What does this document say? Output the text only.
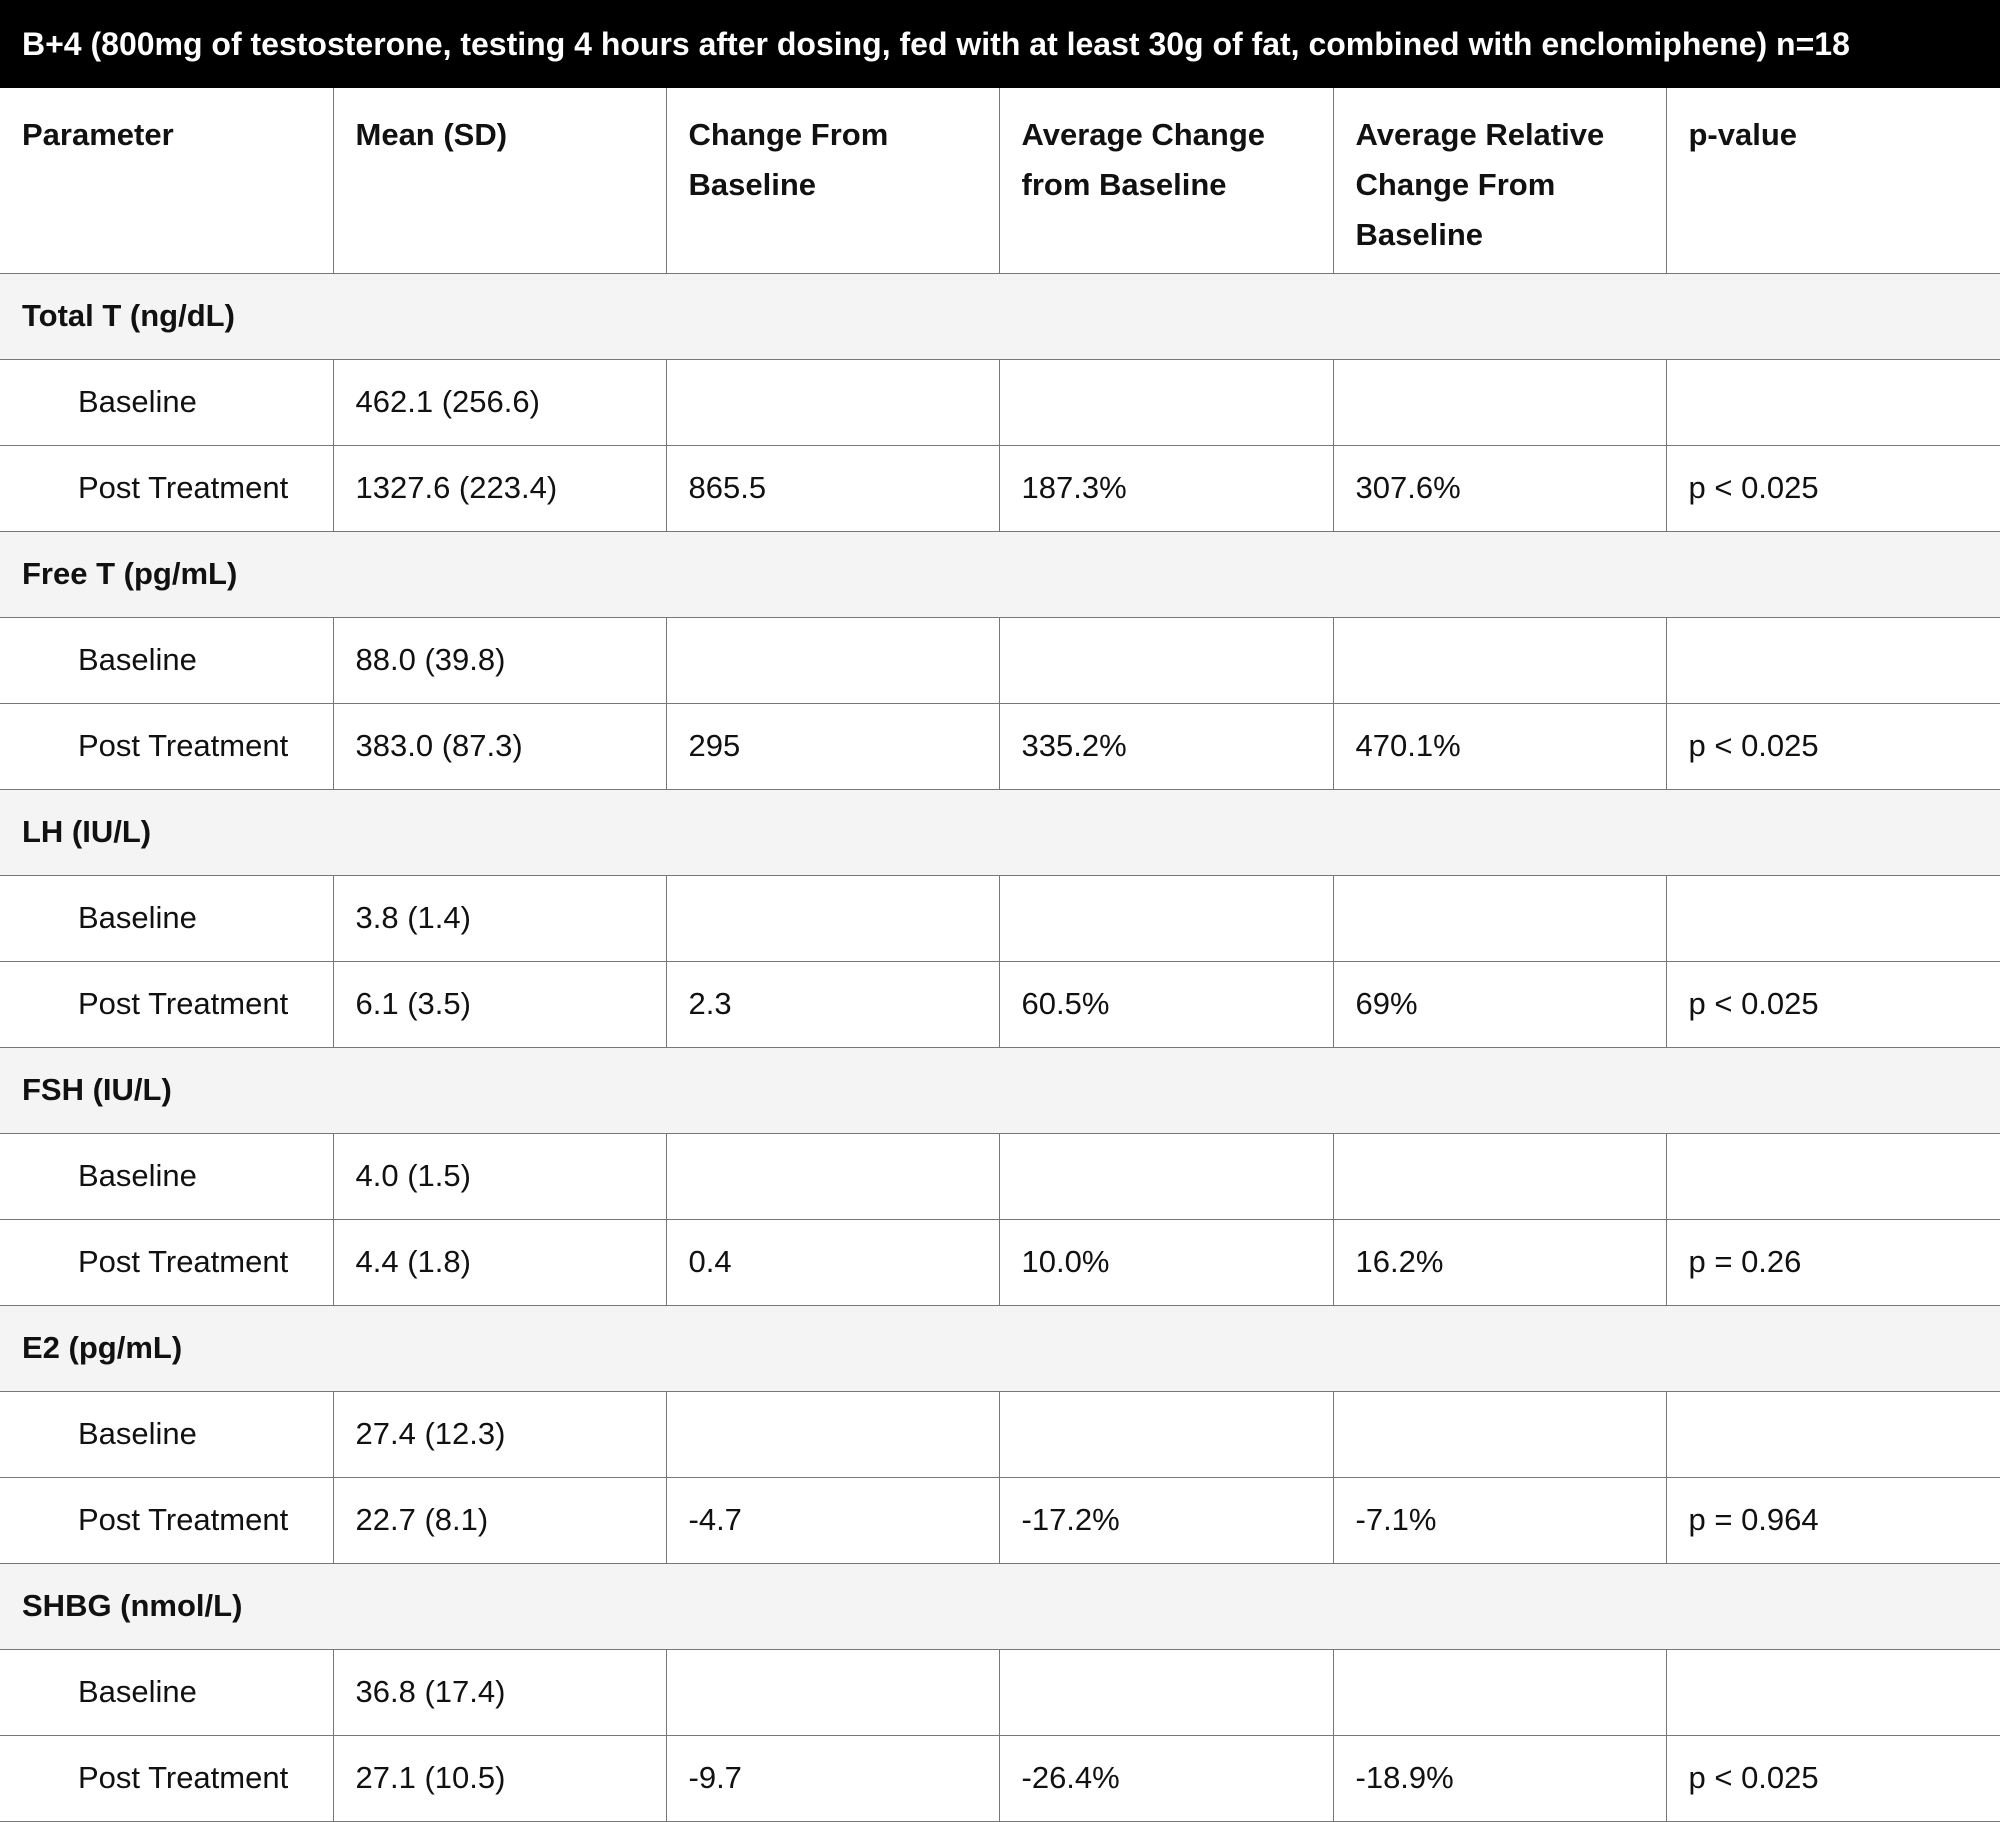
B+4 (800mg of testosterone, testing 4 hours after dosing, fed with at least 30g of fat, combined with enclomiphene) n=18
Parameter	Mean (SD)	Change From Baseline	Average Change from Baseline	Average Relative Change From Baseline	p-value
Total T (ng/dL)					
Baseline	462.1 (256.6)				
Post Treatment	1327.6 (223.4)	865.5	187.3%	307.6%	p < 0.025
Free T (pg/mL)					
Baseline	88.0 (39.8)				
Post Treatment	383.0 (87.3)	295	335.2%	470.1%	p < 0.025
LH (IU/L)					
Baseline	3.8 (1.4)				
Post Treatment	6.1 (3.5)	2.3	60.5%	69%	p < 0.025
FSH (IU/L)					
Baseline	4.0 (1.5)				
Post Treatment	4.4 (1.8)	0.4	10.0%	16.2%	p = 0.26
E2 (pg/mL)					
Baseline	27.4 (12.3)				
Post Treatment	22.7 (8.1)	-4.7	-17.2%	-7.1%	p = 0.964
SHBG (nmol/L)					
Baseline	36.8 (17.4)				
Post Treatment	27.1 (10.5)	-9.7	-26.4%	-18.9%	p < 0.025
